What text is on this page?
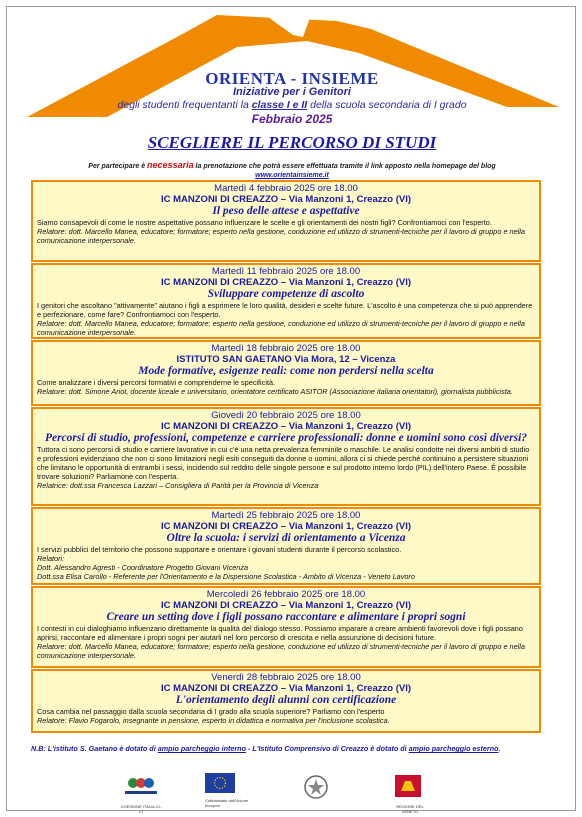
ORIENTA - INSIEME
Iniziative per i Genitori
degli studenti frequentanti la classe I e II della scuola secondaria di I grado
Febbraio 2025
SCEGLIERE IL PERCORSO DI STUDI
Per partecipare è necessaria la prenotazione che potrà essere effettuata tramite il link apposto nella homepage del blog
www.orientainsieme.it
Martedì 4 febbraio 2025 ore 18.00
IC MANZONI DI CREAZZO – Via Manzoni 1, Creazzo (VI)
Il peso delle attese e aspettative
Siamo consapevoli di come le nostre aspettative possano influenzare le scelte e gli orientamenti dei nostri figli? Confrontiamoci con l'esperto.
Relatore: dott. Marcello Manea, educatore; formatore; esperto nella gestione, conduzione ed utilizzo di strumenti-tecniche per il lavoro di gruppo e nella comunicazione interpersonale.
Martedì 11 febbraio 2025 ore 18.00
IC MANZONI DI CREAZZO – Via Manzoni 1, Creazzo (VI)
Sviluppare competenze di ascolto
I genitori che ascoltano "attivamente" aiutano i figli a esprimere le loro qualità, desideri e scelte future. L'ascolto è una competenza che si può apprendere e perfezionare, come fare? Confrontiamoci con l'esperto.
Relatore: dott. Marcello Manea, educatore; formatore; esperto nella gestione, conduzione ed utilizzo di strumenti-tecniche per il lavoro di gruppo e nella comunicazione interpersonale.
Martedì 18 febbraio 2025 ore 18.00
ISTITUTO SAN GAETANO Via Mora, 12 – Vicenza
Mode formative, esigenze reali: come non perdersi nella scelta
Come analizzare i diversi percorsi formativi e comprenderne le specificità.
Relatore: dott. Simone Ariot, docente liceale e universitario, orientatore certificato ASITOR (Associazione italiana orientatori), giornalista pubblicista.
Giovedì 20 febbraio 2025 ore 18.00
IC MANZONI DI CREAZZO – Via Manzoni 1, Creazzo (VI)
Percorsi di studio, professioni, competenze e carriere professionali: donne e uomini sono così diversi?
Tuttora ci sono percorsi di studio e carriere lavorative in cui c'è una netta prevalenza femminile o maschile. Le analisi condotte nei diversi ambiti di studio e professioni evidenziano che non ci sono limitazioni negli esiti conseguiti da donne o uomini, allora ci si chiede perché continuino a persistere situazioni che limitano le opportunità di entrambi i sessi, incidendo sul reddito delle singole persone e sul prodotto interno lordo (PIL) dell'intero Paese. È possibile trovare soluzioni? Parliamone con l'esperta.
Relatrice: dott.ssa Francesca Lazzari – Consigliera di Parità per la Provincia di Vicenza
Martedì 25 febbraio 2025 ore 18.00
IC MANZONI DI CREAZZO – Via Manzoni 1, Creazzo (VI)
Oltre la scuola: i servizi di orientamento a Vicenza
I servizi pubblici del territorio che possono supportare e orientare i giovani studenti durante il percorso scolastico.
Relatori:
Dott. Alessandro Agresti - Coordinatore Progetto Giovani Vicenza
Dott.ssa Elisa Carollo - Referente per l'Orientamento e la Dispersione Scolastica - Ambito di Vicenza - Veneto Lavoro
Mercoledì 26 febbraio 2025 ore 18.00
IC MANZONI DI CREAZZO – Via Manzoni 1, Creazzo (VI)
Creare un setting dove i figli possano raccontare e alimentare i propri sogni
I contesti in cui dialoghiamo influenzano direttamente la qualità del dialogo stesso. Possiamo imparare a creare ambienti favorevoli dove i figli possano aprirsi, raccontare ed alimentare i propri sogni per aiutarli nel loro percorso di crescita e nella assunzione di decisioni future.
Relatore: dott. Marcello Manea, educatore; formatore; esperto nella gestione, conduzione ed utilizzo di strumenti-tecniche per il lavoro di gruppo e nella comunicazione interpersonale.
Venerdì 28 febbraio 2025 ore 18.00
IC MANZONI DI CREAZZO – Via Manzoni 1, Creazzo (VI)
L'orientamento degli alunni con certificazione
Cosa cambia nel passaggio dalla scuola secondaria di I grado alla scuola superiore? Parliamo con l'esperto
Relatore: Flavio Fogarolo, insegnante in pensione, esperto in didattica e normativa per l'inclusione scolastica.
N.B: L'istituto S. Gaetano è dotato di ampio parcheggio interno - L'Istituto Comprensivo di Creazzo è dotato di ampio parcheggio esterno.
COESIONE ITALIA 21-27
Cofinanziato dall'Unione europea	REGIONE DEL VENETO
